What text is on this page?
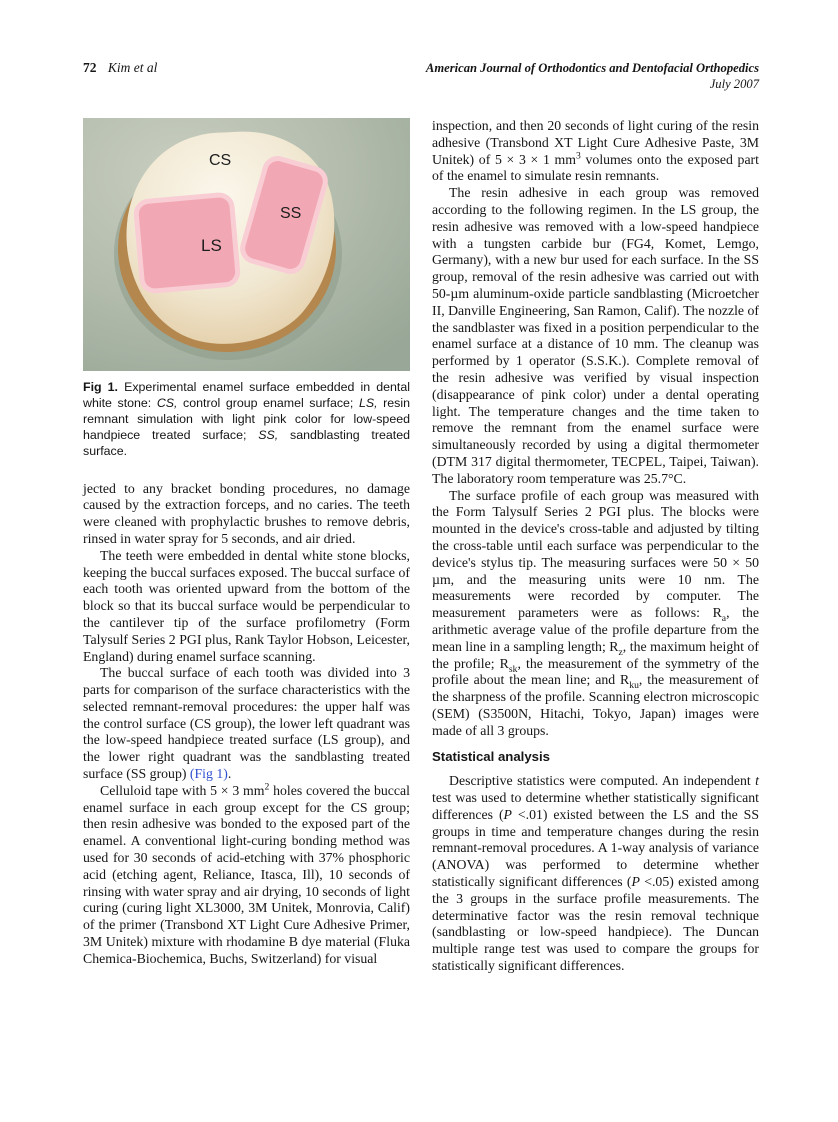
72 Kim et al	American Journal of Orthodontics and Dentofacial Orthopedics
July 2007
CS
SS
LS
Fig 1. Experimental enamel surface embedded in dental white stone: CS, control group enamel surface; LS, resin remnant simulation with light pink color for low-speed handpiece treated surface; SS, sandblasting treated surface.

jected to any bracket bonding procedures, no damage caused by the extraction forceps, and no caries. The teeth were cleaned with prophylactic brushes to remove debris, rinsed in water spray for 5 seconds, and air dried.

The teeth were embedded in dental white stone blocks, keeping the buccal surfaces exposed. The buccal surface of each tooth was oriented upward from the bottom of the block so that its buccal surface would be perpendicular to the cantilever tip of the surface profilometry (Form Talysulf Series 2 PGI plus, Rank Taylor Hobson, Leicester, England) during enamel surface scanning.

The buccal surface of each tooth was divided into 3 parts for comparison of the surface characteristics with the selected remnant-removal procedures: the upper half was the control surface (CS group), the lower left quadrant was the low-speed handpiece treated surface (LS group), and the lower right quadrant was the sandblasting treated surface (SS group) (Fig 1).

Celluloid tape with 5 × 3 $mm^2$ holes covered the buccal enamel surface in each group except for the CS group; then resin adhesive was bonded to the exposed part of the enamel. A conventional light-curing bonding method was used for 30 seconds of acid-etching with 37% phosphoric acid (etching agent, Reliance, Itasca, Ill), 10 seconds of rinsing with water spray and air drying, 10 seconds of light curing (curing light XL3000, 3M Unitek, Monrovia, Calif) of the primer (Transbond XT Light Cure Adhesive Primer, 3M Unitek) mixture with rhodamine B dye material (Fluka Chemica-Biochemica, Buchs, Switzerland) for visual

inspection, and then 20 seconds of light curing of the resin adhesive (Transbond XT Light Cure Adhesive Paste, 3M Unitek) of 5 × 3 × 1 $mm^3$ volumes onto the exposed part of the enamel to simulate resin remnants.

The resin adhesive in each group was removed according to the following regimen. In the LS group, the resin adhesive was removed with a low-speed handpiece with a tungsten carbide bur (FG4, Komet, Lemgo, Germany), with a new bur used for each surface. In the SS group, removal of the resin adhesive was carried out with 50-µm aluminum-oxide particle sandblasting (Microetcher II, Danville Engineering, San Ramon, Calif). The nozzle of the sandblaster was fixed in a position perpendicular to the enamel surface at a distance of 10 mm. The cleanup was performed by 1 operator (S.S.K.). Complete removal of the resin adhesive was verified by visual inspection (disappearance of pink color) under a dental operating light. The temperature changes and the time taken to remove the remnant from the enamel surface were simultaneously recorded by using a digital thermometer (DTM 317 digital thermometer, TECPEL, Taipei, Taiwan). The laboratory room temperature was 25.7°C.

The surface profile of each group was measured with the Form Talysulf Series 2 PGI plus. The blocks were mounted in the device's cross-table and adjusted by tilting the cross-table until each surface was perpendicular to the device's stylus tip. The measuring surfaces were 50 × 50 µm, and the measuring units were 10 nm. The measurements were recorded by computer. The measurement parameters were as follows: $R_a$, the arithmetic average value of the profile departure from the mean line in a sampling length; $R_z$, the maximum height of the profile; $R_{sk}$, the measurement of the symmetry of the profile about the mean line; and $R_{ku}$, the measurement of the sharpness of the profile. Scanning electron microscopic (SEM) (S3500N, Hitachi, Tokyo, Japan) images were made of all 3 groups.

Statistical analysis

Descriptive statistics were computed. An independent t test was used to determine whether statistically significant differences (P <.01) existed between the LS and the SS groups in time and temperature changes during the resin remnant-removal procedures. A 1-way analysis of variance (ANOVA) was performed to determine whether statistically significant differences (P <.05) existed among the 3 groups in the surface profile measurements. The determinative factor was the resin removal technique (sandblasting or low-speed handpiece). The Duncan multiple range test was used to compare the groups for statistically significant differences.
